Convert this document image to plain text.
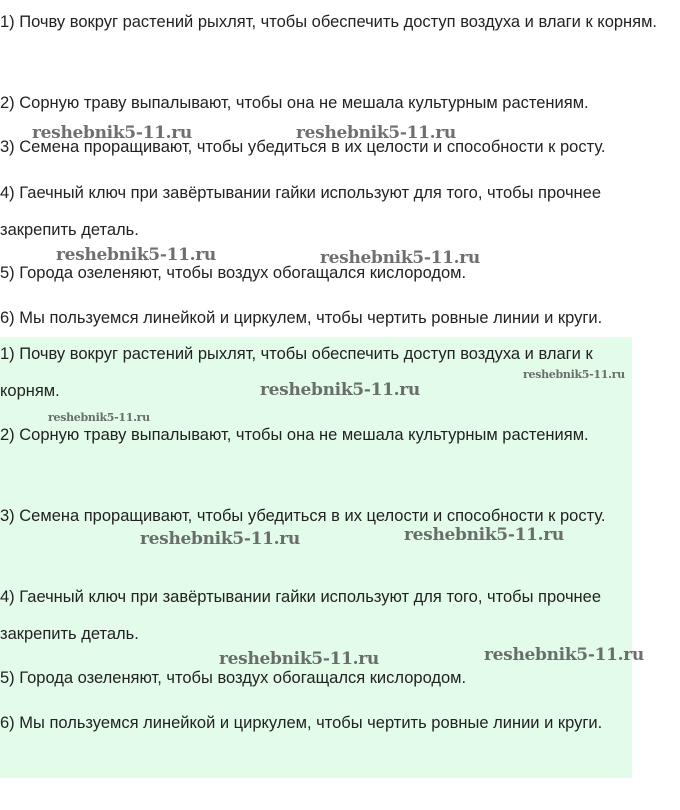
1) Почву вокруг растений рыхлят, чтобы обеспечить доступ воздуха и влаги к корням.

2) Сорную траву выпалывают, чтобы она не мешала культурным растениям.

3) Семена проращивают, чтобы убедиться в их целости и способности к росту.

4) Гаечный ключ при завёртывании гайки используют для того, чтобы прочнее закрепить деталь.

5) Города озеленяют, чтобы воздух обогащался кислородом.

6) Мы пользуемся линейкой и циркулем, чтобы чертить ровные линии и круги.

1) Почву вокруг растений рыхлят, чтобы обеспечить доступ воздуха и влаги к корням.

2) Сорную траву выпалывают, чтобы она не мешала культурным растениям.

3) Семена проращивают, чтобы убедиться в их целости и способности к росту.

4) Гаечный ключ при завёртывании гайки используют для того, чтобы прочнее закрепить деталь.

5) Города озеленяют, чтобы воздух обогащался кислородом.

6) Мы пользуемся линейкой и циркулем, чтобы чертить ровные линии и круги.

reshebnik5-11.ru	reshebnik5-11.ru
reshebnik5-11.ru	reshebnik5-11.ru
reshebnik5-11.ru
reshebnik5-11.ru
reshebnik5-11.ru
reshebnik5-11.ru	reshebnik5-11.ru
reshebnik5-11.ru	reshebnik5-11.ru
